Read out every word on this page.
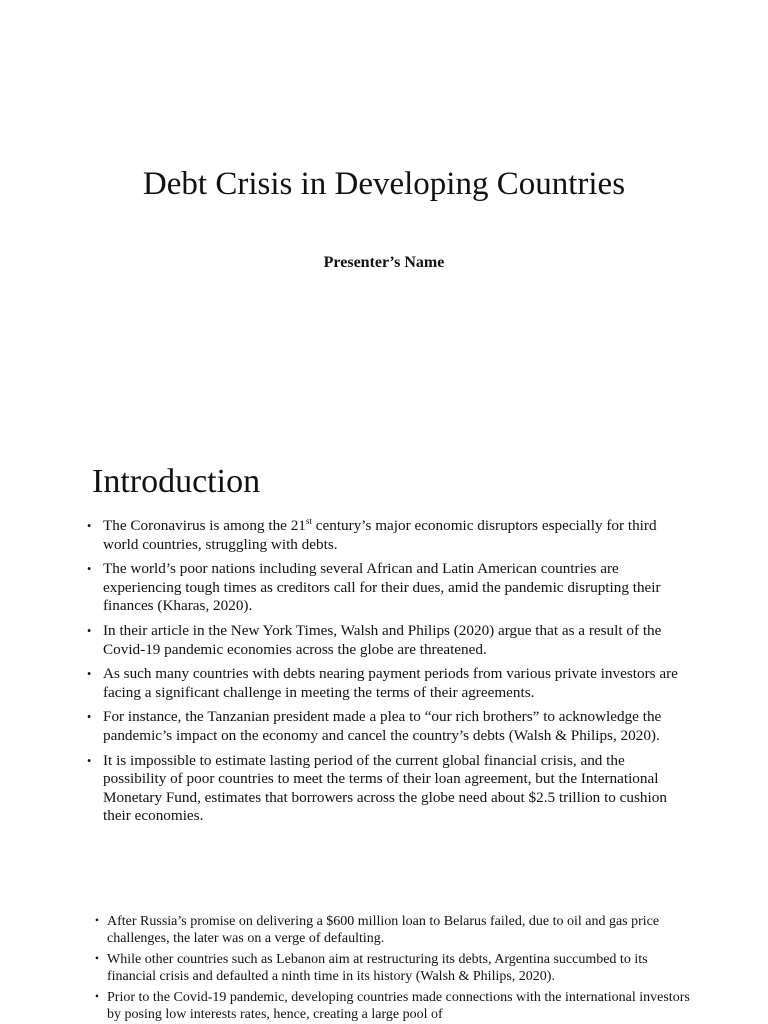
Debt Crisis in Developing Countries

Presenter’s Name

Introduction
• The Coronavirus is among the 21st century’s major economic disruptors especially for third world countries, struggling with debts.
• The world’s poor nations including several African and Latin American countries are experiencing tough times as creditors call for their dues, amid the pandemic disrupting their finances (Kharas, 2020).
• In their article in the New York Times, Walsh and Philips (2020) argue that as a result of the Covid-19 pandemic economies across the globe are threatened.
• As such many countries with debts nearing payment periods from various private investors are facing a significant challenge in meeting the terms of their agreements.
• For instance, the Tanzanian president made a plea to “our rich brothers” to acknowledge the pandemic’s impact on the economy and cancel the country’s debts (Walsh & Philips, 2020).
• It is impossible to estimate lasting period of the current global financial crisis, and the possibility of poor countries to meet the terms of their loan agreement, but the International Monetary Fund, estimates that borrowers across the globe need about $2.5 trillion to cushion their economies.
• After Russia’s promise on delivering a $600 million loan to Belarus failed, due to oil and gas price challenges, the later was on a verge of defaulting.
• While other countries such as Lebanon aim at restructuring its debts, Argentina succumbed to its financial crisis and defaulted a ninth time in its history (Walsh & Philips, 2020).
• Prior to the Covid-19 pandemic, developing countries made connections with the international investors by posing low interests rates, hence, creating a large pool of
